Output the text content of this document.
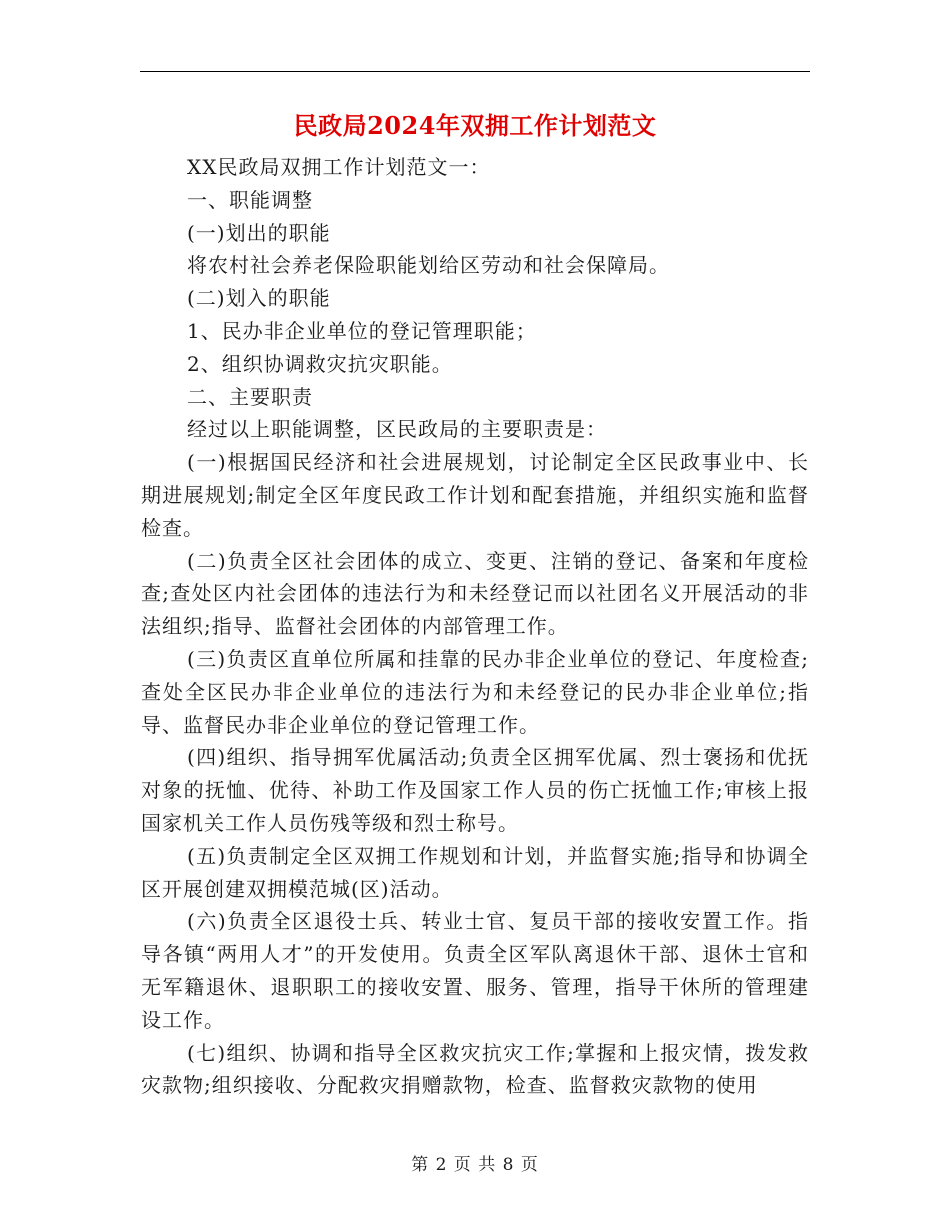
民政局2024年双拥工作计划范文

XX民政局双拥工作计划范文一：

一、职能调整

(一)划出的职能

将农村社会养老保险职能划给区劳动和社会保障局。

(二)划入的职能

1、民办非企业单位的登记管理职能；

2、组织协调救灾抗灾职能。

二、主要职责

经过以上职能调整，区民政局的主要职责是：

(一)根据国民经济和社会进展规划，讨论制定全区民政事业中、长期进展规划;制定全区年度民政工作计划和配套措施，并组织实施和监督检查。

(二)负责全区社会团体的成立、变更、注销的登记、备案和年度检查;查处区内社会团体的违法行为和未经登记而以社团名义开展活动的非法组织;指导、监督社会团体的内部管理工作。

(三)负责区直单位所属和挂靠的民办非企业单位的登记、年度检查;查处全区民办非企业单位的违法行为和未经登记的民办非企业单位;指导、监督民办非企业单位的登记管理工作。

(四)组织、指导拥军优属活动;负责全区拥军优属、烈士褒扬和优抚对象的抚恤、优待、补助工作及国家工作人员的伤亡抚恤工作;审核上报国家机关工作人员伤残等级和烈士称号。

(五)负责制定全区双拥工作规划和计划，并监督实施;指导和协调全区开展创建双拥模范城(区)活动。

(六)负责全区退役士兵、转业士官、复员干部的接收安置工作。指导各镇“两用人才”的开发使用。负责全区军队离退休干部、退休士官和无军籍退休、退职职工的接收安置、服务、管理，指导干休所的管理建设工作。

(七)组织、协调和指导全区救灾抗灾工作;掌握和上报灾情，拨发救灾款物;组织接收、分配救灾捐赠款物，检查、监督救灾款物的使用

第 2 页 共 8 页
